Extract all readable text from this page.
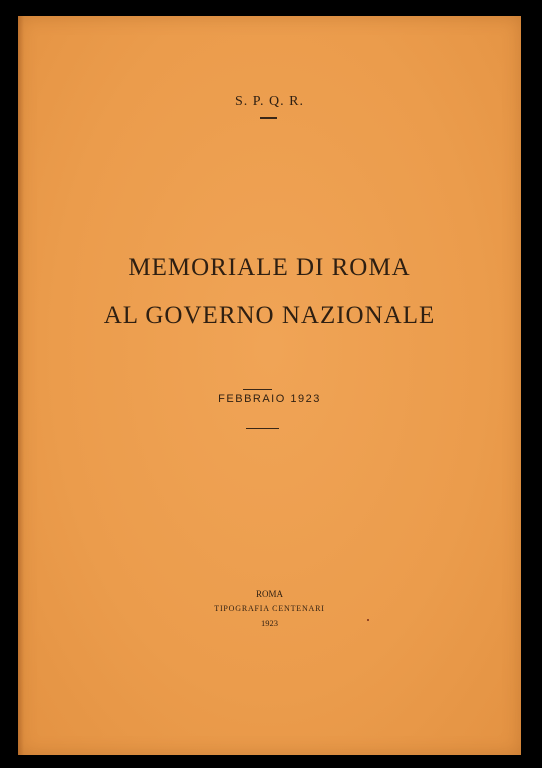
S. P. Q. R.

MEMORIALE DI ROMA

AL GOVERNO NAZIONALE

FEBBRAIO 1923

ROMA

TIPOGRAFIA CENTENARI

1923
